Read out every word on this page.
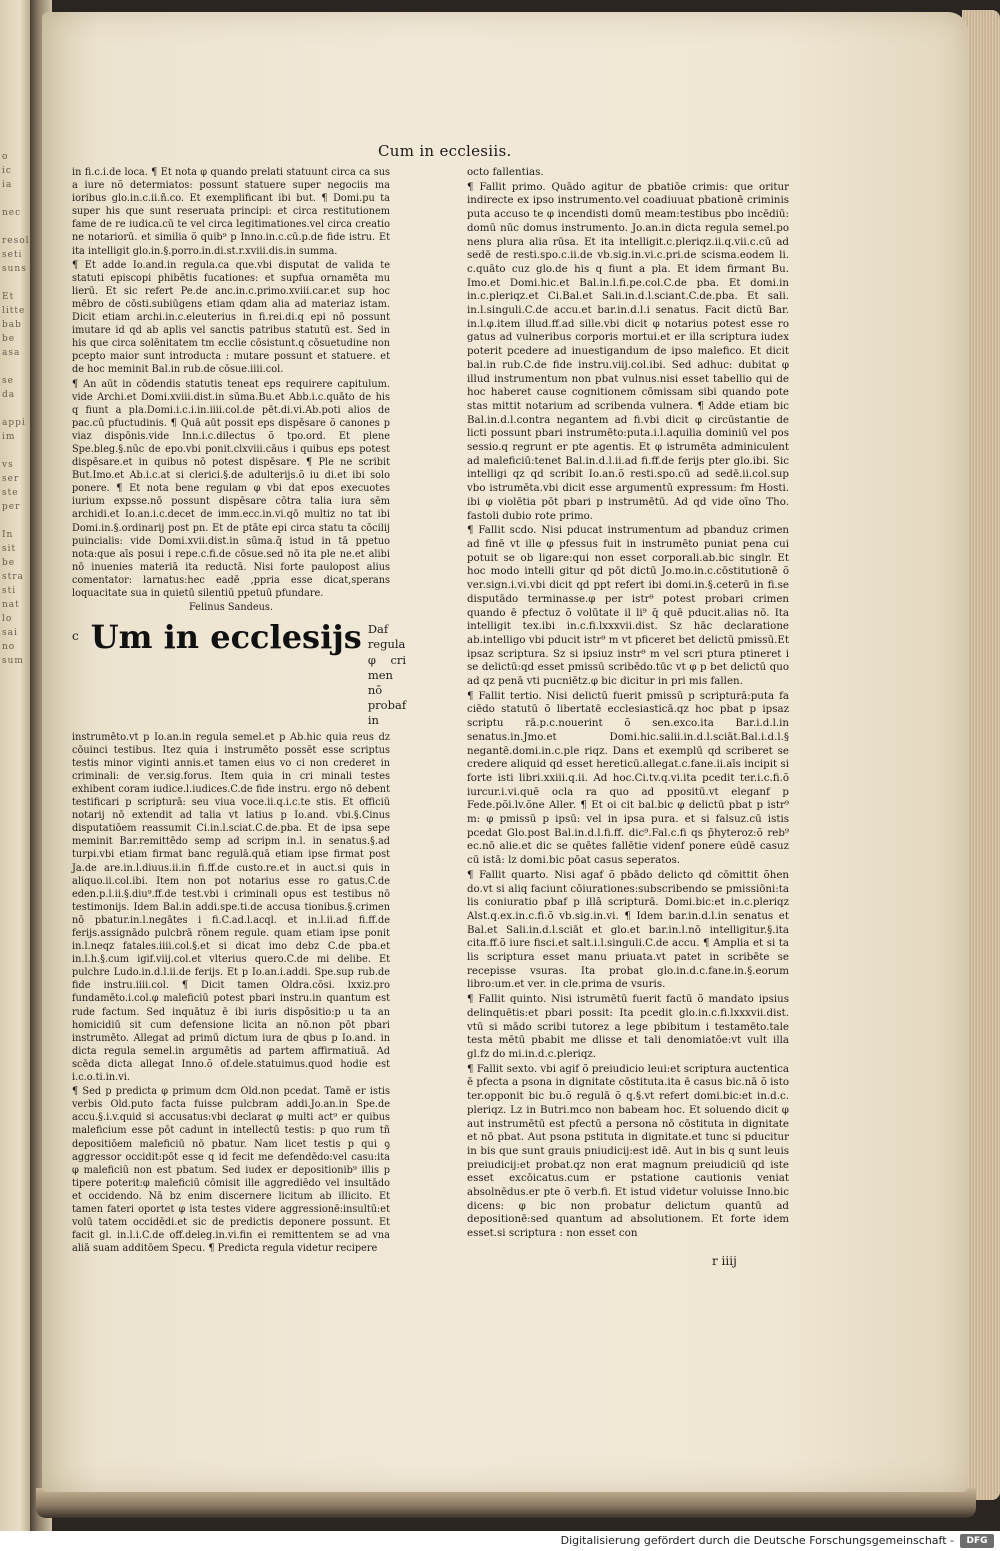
o
ic
ia

nec

resol
seti
suns

Et
litte
bab
be
asa

se
da

appi
im

vs
ser
ste
per

In
sit
be
stra
sti
nat
lo
sai
no
sum
Cum in ecclesiis.

in fi.c.i.de loca. ¶ Et nota φ quando prelati statuunt circa ca sus a iure nõ determiatos: possunt statuere super negociis ma ioribus glo.in.c.ii.ñ.co. Et exemplificant ibi but. ¶ Domi.pu ta super his que sunt reseruata principi: et circa restitutionem fame de re iudica.cū te vel circa legitimationes.vel circa creatio ne notariorū. et similia õ quib⁹ p Inno.in.c.cū.p.de fide istru. Et ita intelligit glo.in.§.porro.in.di.st.r.xviii.dis.in summa.

¶ Et adde Io.and.in regula.ca que.vbi disputat de valida te statuti episcopi phibētis fucationes: et supfua ornamēta mu lierū. Et sic refert Pe.de anc.in.c.primo.xviii.car.et sup hoc mēbro de cōsti.subiūgens etiam qdam alia ad materiaz istam. Dicit etiam archi.in.c.eleuterius in fi.rei.di.q epi nō possunt imutare id qd ab aplis vel sanctis patribus statutū est. Sed in his que circa solēnitatem tm ecclie cōsistunt.q cōsuetudine non pcepto maior sunt introducta : mutare possunt et statuere. et de hoc meminit Bal.in rub.de cōsue.iiii.col.

¶ An aūt in cōdendis statutis teneat eps requirere capitulum. vide Archi.et Domi.xviii.dist.in sūma.Bu.et Abb.i.c.quāto de his q fiunt a pla.Domi.i.c.i.in.iiii.col.de pēt.di.vi.Ab.poti alios de pac.cū pfuctudinis. ¶ Quā aūt possit eps dispēsare õ canones p viaz dispōnis.vide Inn.i.c.dilectus õ tpo.ord. Et plene Spe.bleg.§.nūc de epo.vbi ponit.clxviii.cāus i quibus eps potest dispēsare.et in quibus nō potest dispēsare. ¶ Ple ne scribit But.Imo.et Ab.i.c.at si clerici.§.de adulterijs.õ iu di.et ibi solo ponere. ¶ Et nota bene regulam φ vbi dat epos execuotes iurium expsse.nō possunt dispēsare cōtra talia iura sēm archidi.et Io.an.i.c.decet de imm.ecc.in.vi.qō multiz no tat ibi Domi.in.§.ordinarij post pn. Et de ptāte epi circa statu ta cōcilij puincialis: vide Domi.xvii.dist.in sūma.q̄ istud in tā ppetuo nota:que aīs posui i repe.c.fi.de cōsue.sed nō ita ple ne.et alibi nō inuenies materiā ita reductā. Nisi forte paulopost alius comentator: larnatus:hec eadē ,ppria esse dicat,sperans loquacitate sua in quietū silentiū ppetuū pfundare.

Felinus Sandeus.

c Um in ecclesijs Daf regula φ cri men nō probaf in

instrumēto.vt p Io.an.in regula semel.et p Ab.hic quia reus dz cōuinci testibus. Itez quia i instrumēto possēt esse scriptus testis minor viginti annis.et tamen eius vo ci non crederet in criminali: de ver.sig.forus. Item quia in cri minali testes exhibent coram iudice.l.iudices.C.de fide instru. ergo nō debent testificari p scripturā: seu viua voce.ii.q.i.c.te stis. Et officiū notarij nō extendit ad talia vt latius p Io.and. vbi.§.Cinus disputatiōem reassumit Ci.in.l.sciat.C.de.pba. Et de ipsa sepe meminit Bar.remittēdo semp ad scripm in.l. in senatus.§.ad turpi.vbi etiam firmat banc regulā.quā etiam ipse firmat post Ja.de are.in.l.diuus.ii.in fi.ff.de custo.re.et in auct.si quis in aliquo.ii.col.ibi. Item non pot notarius esse ro gatus.C.de eden.p.l.ii.§.diu⁹.ff.de test.vbi i criminali opus est testibus nō testimonijs. Idem Bal.in addi.spe.ti.de accusa tionibus.§.crimen nō pbatur.in.l.negātes i fi.C.ad.l.acql. et in.l.ii.ad fi.ff.de ferijs.assignādo pulcbrā rōnem regule. quam etiam ipse ponit in.l.neqz fatales.iiii.col.§.et si dicat imo debz C.de pba.et in.l.h.§.cum igif.viij.col.et vlterius quero.C.de mi delibe. Et pulchre Ludo.in.d.l.ii.de ferijs. Et p Io.an.i.addi. Spe.sup rub.de fide instru.iiii.col. ¶ Dicit tamen Oldra.cōsi. lxxiz.pro fundamēto.i.col.φ maleficiū potest pbari instru.in quantum est rude factum. Sed inquātuz ē ibi iuris dispōsitio:p u ta an homicidiū sit cum defensione licita an nō.non pōt pbari instrumēto. Allegat ad primū dictum iura de qbus p Io.and. in dicta regula semel.in argumētis ad partem affirmatiuā. Ad scēda dicta allegat Inno.õ of.dele.statuimus.quod hodie est i.c.o.ti.in.vi.

¶ Sed p predicta φ primum dcm Old.non pcedat. Tamē er istis verbis Old.puto facta fuisse pulcbram addi.Jo.an.in Spe.de accu.§.i.v.quid si accusatus:vbi declarat φ multi act⁹ er quibus maleficium esse pōt cadunt in intellectū testis: p quo rum tñ depositiōem maleficiū nō pbatur. Nam licet testis p qui ꝯ aggressor occidit:pōt esse q id fecit me defendēdo:vel casu:ita φ maleficiū non est pbatum. Sed iudex er depositionib⁹ illis p tipere poterit:φ maleficiū cōmisit ille aggrediēdo vel insultādo et occidendo. Nā bz enim discernere licitum ab illicito. Et tamen fateri oportet φ ista testes videre aggressionē:insultū:et volū tatem occidēdi.et sic de predictis deponere possunt. Et facit gl. in.l.i.C.de off.deleg.in.vi.fin ei remittentem se ad vna aliā suam additōem Specu. ¶ Predicta regula videtur recipere

octo fallentias.

¶ Fallit primo. Quādo agitur de pbatiōe crimis: que oritur indirecte ex ipso instrumento.vel coadiuuat pbationē criminis puta accuso te φ incendisti domū meam:testibus pbo incēdiū: domū nūc domus instrumento. Jo.an.in dicta regula semel.po nens plura alia rūsa. Et ita intelligit.c.pleriqz.ii.q.vii.c.cū ad sedē de resti.spo.c.ii.de vb.sig.in.vi.c.pri.de scisma.eodem li. c.quāto cuz glo.de his q fiunt a pla. Et idem firmant Bu. Imo.et Domi.hic.et Bal.in.l.fi.pe.col.C.de pba. Et domi.in in.c.pleriqz.et Ci.Bal.et Sali.in.d.l.sciant.C.de.pba. Et sali. in.l.singuli.C.de accu.et bar.in.d.l.i senatus. Facit dictū Bar. in.l.φ.item illud.ff.ad sille.vbi dicit φ notarius potest esse ro gatus ad vulneribus corporis mortui.et er illa scriptura iudex poterit pcedere ad inuestigandum de ipso malefico. Et dicit bal.in rub.C.de fide instru.viij.col.ibi. Sed adhuc: dubitat φ illud instrumentum non pbat vulnus.nisi esset tabellio qui de hoc haberet cause cognitionem cōmissam sibi quando pote stas mittit notarium ad scribenda vulnera. ¶ Adde etiam bic Bal.in.d.l.contra negantem ad fi.vbi dicit φ circūstantie de licti possunt pbari instrumēto:puta.i.l.aquilia dominiū vel pos sessio.q regrunt er pte agentis. Et φ istrumēta adminiculent ad maleficiū:tenet Bal.in.d.l.ii.ad fi.ff.de ferijs pter glo.ibi. Sic intelligi qz qd scribit Io.an.õ resti.spo.cū ad sedē.ii.col.sup vbo istrumēta.vbi dicit esse argumentū expressum: fm Hosti. ibi φ violētia pōt pbari p instrumētū. Ad qd vide oīno Tho. fastoli dubio rote primo.

¶ Fallit scdo. Nisi pducat instrumentum ad pbanduz crimen ad finē vt ille φ pfessus fuit in instrumēto puniat pena cui potuit se ob ligare:qui non esset corporali.ab.bic singlr. Et hoc modo intelli gitur qd pōt dictū Jo.mo.in.c.cōstitutionē õ ver.sign.i.vi.vbi dicit qd ppt refert ibi domi.in.§.ceterū in fi.se disputādo terminasse.φ per istr⁹ potest probari crimen quando ē pfectuz õ volūtate il li⁹ q̄ quē pducit.alias nō. Ita intelligit tex.ibi in.c.fi.lxxxvii.dist. Sz hāc declaratione ab.intelligo vbi pducit istr⁹ m vt pficeret bet delictū pmissū.Et ipsaz scriptura. Sz si ipsiuz instr⁹ m vel scri ptura ptineret i se delictū:qd esset pmissū scribēdo.tūc vt φ p bet delictū quo ad qz penā vti pucniētz.φ bic dicitur in pri mis fallen.

¶ Fallit tertio. Nisi delictū fuerit pmissū p scripturā:puta fa ciēdo statutū õ libertatē ecclesiasticā.qz hoc pbat p ipsaz scriptu rā.p.c.nouerint õ sen.exco.ita Bar.i.d.l.in senatus.in.Jmo.et Domi.hic.salii.in.d.l.sciāt.Bal.i.d.l.§ negantē.domi.in.c.ple riqz. Dans et exemplū qd scriberet se credere aliquid qd esset hereticū.allegat.c.fane.ii.aīs incipit si forte isti libri.xxiii.q.ii. Ad hoc.Ci.tv.q.vi.ita pcedit ter.i.c.fi.õ iurcur.i.vi.quē ocla ra quo ad ppositū.vt eleganf p Fede.põi.lv.õne Aller. ¶ Et oi cit bal.bic φ delictū pbat p istr⁹ m: φ pmissū p ipsū: vel in ipsa pura. et si falsuz.cū istis pcedat Glo.post Bal.in.d.l.fi.ff. dic⁹.Fal.c.fi qs p̄hyteroz:õ reb⁹ ec.nō alie.et dic se quētes fallētie videnf ponere eūdē casuz cū istā: lz domi.bic pōat casus seperatos.

¶ Fallit quarto. Nisi agaf õ pbādo delicto qd cōmittit õhen do.vt si aliq faciunt cōiurationes:subscribendo se pmissiōni:ta lis coniuratio pbaf p illā scripturā. Domi.bic:et in.c.pleriqz Alst.q.ex.in.c.fi.õ vb.sig.in.vi. ¶ Idem bar.in.d.l.in senatus et Bal.et Sali.in.d.l.sciāt et glo.et bar.in.l.nō intelligitur.§.ita cita.ff.õ iure fisci.et salt.i.l.singuli.C.de accu. ¶ Amplia et si ta lis scriptura esset manu priuata.vt patet in scribēte se recepisse vsuras. Ita probat glo.in.d.c.fane.in.§.eorum libro:um.et ver. in cle.prima de vsuris.

¶ Fallit quinto. Nisi istrumētū fuerit factū õ mandato ipsius delinquētis:et pbari possit: Ita pcedit glo.in.c.fi.lxxxvii.dist. vtū si mādo scribi tutorez a lege pbibitum i testamēto.tale testa mētū pbabit me dlisse et tali denomiatōe:vt vult illa gl.fz do mi.in.d.c.pleriqz.

¶ Fallit sexto. vbi agif õ preiudicio leui:et scriptura auctentica ē pfecta a psona in dignitate cōstituta.ita ē casus bic.nā õ isto ter.opponit bic bu.õ regulā õ q.§.vt refert domi.bic:et in.d.c. pleriqz. Lz in Butri.mco non babeam hoc. Et soluendo dicit φ aut instrumētū est pfectū a persona nō cōstituta in dignitate et nō pbat. Aut psona pstituta in dignitate.et tunc si pducitur in bis que sunt grauis pniudicij:est idē. Aut in bis q sunt leuis preiudicij:et probat.qz non erat magnum preiudiciū qd iste esset excōicatus.cum er pstatione cautionis veniat absolnēdus.er pte õ verb.fi. Et istud videtur voluisse Inno.bic dicens: φ bic non probatur delictum quantū ad depositionē:sed quantum ad absolutionem. Et forte idem esset.si scriptura : non esset con

r iiij
Digitalisierung gefördert durch die Deutsche Forschungsgemeinschaft -	DFG
